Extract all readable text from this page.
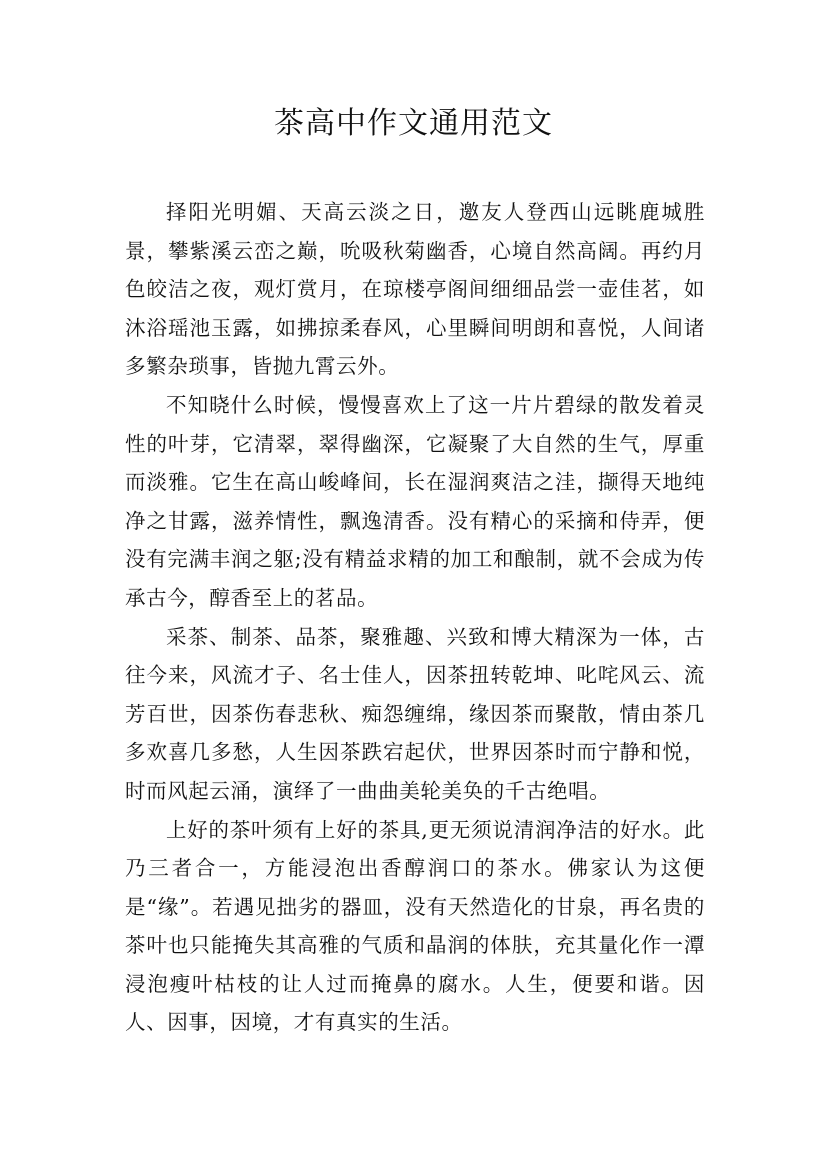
茶高中作文通用范文

择阳光明媚、天高云淡之日，邀友人登西山远眺鹿城胜景，攀紫溪云峦之巅，吮吸秋菊幽香，心境自然高阔。再约月色皎洁之夜，观灯赏月，在琼楼亭阁间细细品尝一壶佳茗，如沐浴瑶池玉露，如拂掠柔春风，心里瞬间明朗和喜悦，人间诸多繁杂琐事，皆抛九霄云外。

不知晓什么时候，慢慢喜欢上了这一片片碧绿的散发着灵性的叶芽，它清翠，翠得幽深，它凝聚了大自然的生气，厚重而淡雅。它生在高山峻峰间，长在湿润爽洁之洼，撷得天地纯净之甘露，滋养情性，飘逸清香。没有精心的采摘和侍弄，便没有完满丰润之躯;没有精益求精的加工和酿制，就不会成为传承古今，醇香至上的茗品。

采茶、制茶、品茶，聚雅趣、兴致和博大精深为一体，古往今来，风流才子、名士佳人，因茶扭转乾坤、叱咤风云、流芳百世，因茶伤春悲秋、痴怨缠绵，缘因茶而聚散，情由茶几多欢喜几多愁，人生因茶跌宕起伏，世界因茶时而宁静和悦，时而风起云涌，演绎了一曲曲美轮美奂的千古绝唱。

上好的茶叶须有上好的茶具,更无须说清润净洁的好水。此乃三者合一，方能浸泡出香醇润口的茶水。佛家认为这便是“缘”。若遇见拙劣的器皿，没有天然造化的甘泉，再名贵的茶叶也只能掩失其高雅的气质和晶润的体肤，充其量化作一潭浸泡瘦叶枯枝的让人过而掩鼻的腐水。人生，便要和谐。因人、因事，因境，才有真实的生活。
